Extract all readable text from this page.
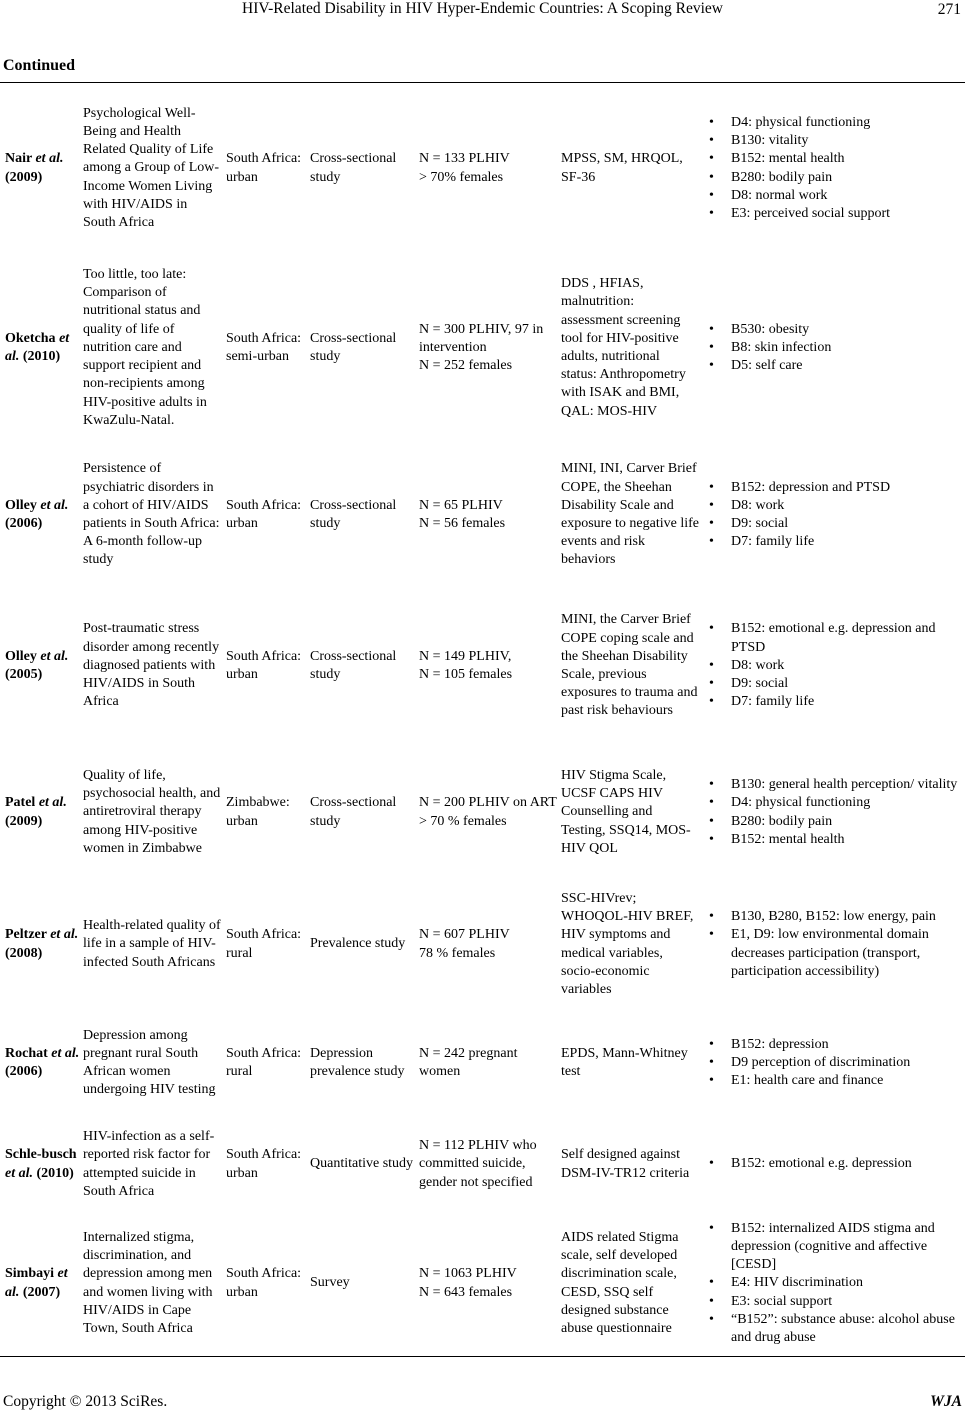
HIV-Related Disability in HIV Hyper-Endemic Countries: A Scoping Review	271
Continued
Nair et al. (2009)
Psychological Well-Being and Health Related Quality of Life among a Group of Low-Income Women Living with HIV/AIDS in South Africa
South Africa: urban
Cross-sectional study
N = 133 PLHIV
> 70% females
MPSS, SM, HRQOL, SF-36
• D4: physical functioning
• B130: vitality
• B152: mental health
• B280: bodily pain
• D8: normal work
• E3: perceived social support
Oketcha et al. (2010)
Too little, too late: Comparison of nutritional status and quality of life of nutrition care and support recipient and non-recipients among HIV-positive adults in KwaZulu-Natal.
South Africa: semi-urban
Cross-sectional study
N = 300 PLHIV, 97 in intervention
N = 252 females
DDS , HFIAS, malnutrition: assessment screening tool for HIV-positive adults, nutritional status: Anthropometry with ISAK and BMI, QAL: MOS-HIV
• B530: obesity
• B8: skin infection
• D5: self care
Olley et al. (2006)
Persistence of psychiatric disorders in a cohort of HIV/AIDS patients in South Africa: A 6-month follow-up study
South Africa: urban
Cross-sectional study
N = 65 PLHIV
N = 56 females
MINI, INI, Carver Brief COPE, the Sheehan Disability Scale and exposure to negative life events and risk behaviors
• B152: depression and PTSD
• D8: work
• D9: social
• D7: family life
Olley et al. (2005)
Post-traumatic stress disorder among recently diagnosed patients with HIV/AIDS in South Africa
South Africa: urban
Cross-sectional study
N = 149 PLHIV,
N = 105 females
MINI, the Carver Brief COPE coping scale and the Sheehan Disability Scale, previous exposures to trauma and past risk behaviours
• B152: emotional e.g. depression and PTSD
• D8: work
• D9: social
• D7: family life
Patel et al. (2009)
Quality of life, psychosocial health, and antiretroviral therapy among HIV-positive women in Zimbabwe
Zimbabwe: urban
Cross-sectional study
N = 200 PLHIV on ART
> 70 % females
HIV Stigma Scale, UCSF CAPS HIV Counselling and Testing, SSQ14, MOS-HIV QOL
• B130: general health perception/ vitality
• D4: physical functioning
• B280: bodily pain
• B152: mental health
Peltzer et al. (2008)
Health-related quality of life in a sample of HIV-infected South Africans
South Africa: rural
Prevalence study
N = 607 PLHIV
78 % females
SSC-HIVrev; WHOQOL-HIV BREF, HIV symptoms and medical variables, socio-economic variables
• B130, B280, B152: low energy, pain
• E1, D9: low environmental domain decreases participation (transport, participation accessibility)
Rochat et al. (2006)
Depression among pregnant rural South African women undergoing HIV testing
South Africa: rural
Depression prevalence study
N = 242 pregnant women
EPDS, Mann-Whitney test
• B152: depression
• D9 perception of discrimination
• E1: health care and finance
Schle-busch et al. (2010)
HIV-infection as a self-reported risk factor for attempted suicide in South Africa
South Africa: urban
Quantitative study
N = 112 PLHIV who committed suicide, gender not specified
Self designed against DSM-IV-TR12 criteria
• B152: emotional e.g. depression
Simbayi et al. (2007)
Internalized stigma, discrimination, and depression among men and women living with HIV/AIDS in Cape Town, South Africa
South Africa: urban
Survey
N = 1063 PLHIV
N = 643 females
AIDS related Stigma scale, self developed discrimination scale, CESD, SSQ self designed substance abuse questionnaire
• B152: internalized AIDS stigma and depression (cognitive and affective [CESD]
• E4: HIV discrimination
• E3: social support
• “B152”: substance abuse: alcohol abuse and drug abuse
Copyright © 2013 SciRes.	WJA
